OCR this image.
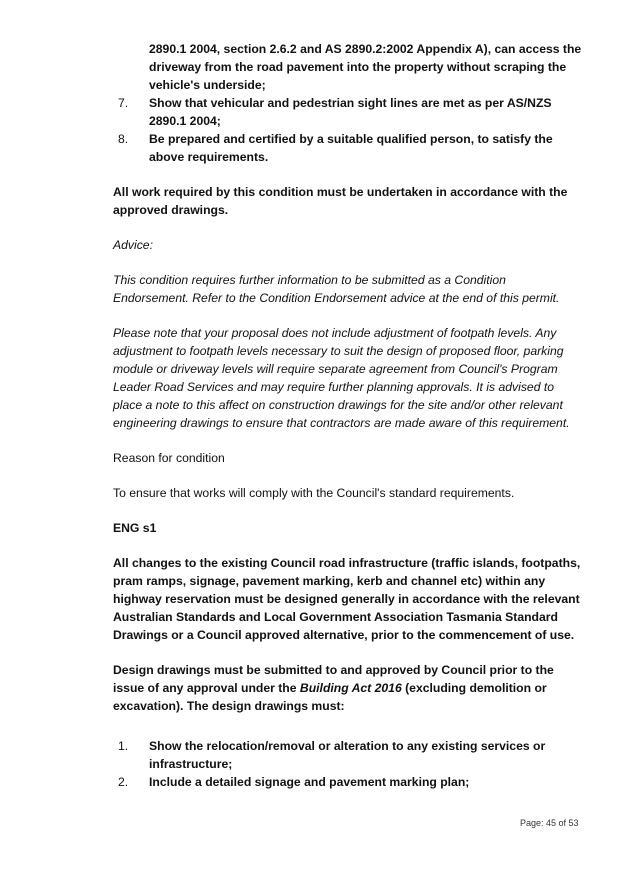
2890.1 2004, section 2.6.2 and AS 2890.2:2002 Appendix A), can access the driveway from the road pavement into the property without scraping the vehicle's underside;

7. Show that vehicular and pedestrian sight lines are met as per AS/NZS 2890.1 2004;
8. Be prepared and certified by a suitable qualified person, to satisfy the above requirements.

All work required by this condition must be undertaken in accordance with the approved drawings.

Advice:

This condition requires further information to be submitted as a Condition Endorsement. Refer to the Condition Endorsement advice at the end of this permit.

Please note that your proposal does not include adjustment of footpath levels. Any adjustment to footpath levels necessary to suit the design of proposed floor, parking module or driveway levels will require separate agreement from Council's Program Leader Road Services and may require further planning approvals. It is advised to place a note to this affect on construction drawings for the site and/or other relevant engineering drawings to ensure that contractors are made aware of this requirement.

Reason for condition

To ensure that works will comply with the Council's standard requirements.

ENG s1

All changes to the existing Council road infrastructure (traffic islands, footpaths, pram ramps, signage, pavement marking, kerb and channel etc) within any highway reservation must be designed generally in accordance with the relevant Australian Standards and Local Government Association Tasmania Standard Drawings or a Council approved alternative, prior to the commencement of use.

Design drawings must be submitted to and approved by Council prior to the issue of any approval under the Building Act 2016 (excluding demolition or excavation). The design drawings must:

1. Show the relocation/removal or alteration to any existing services or infrastructure;
2. Include a detailed signage and pavement marking plan;
Page: 45 of 53
